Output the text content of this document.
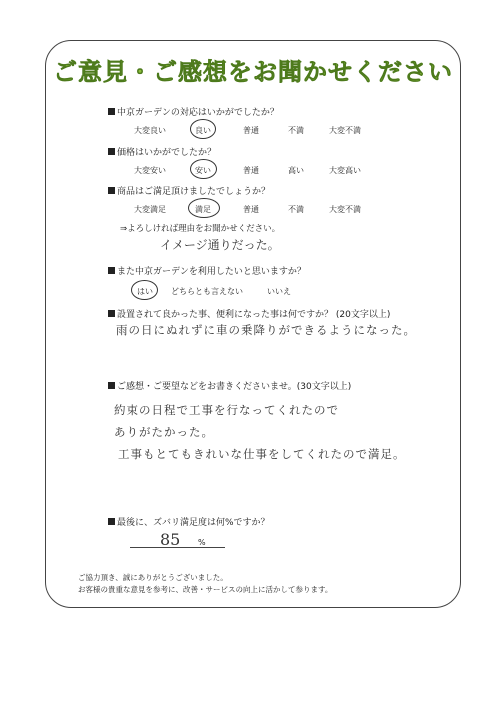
ご意見・ご感想をお聞かせください
中京ガーデンの対応はいかがでしたか？
大変良い	良い	普通	不満	大変不満
価格はいかがでしたか？
大変安い	安い	普通	高い	大変高い
商品はご満足頂けましたでしょうか？
大変満足	満足	普通	不満	大変不満
⇒よろしければ理由をお聞かせください。
イメージ通りだった。
また中京ガーデンを利用したいと思いますか？
はい どちらとも言えない	いいえ
設置されて良かった事、便利になった事は何ですか？ (20文字以上)
雨の日にぬれずに車の乗降りができるようになった。
ご感想・ご要望などをお書きくださいませ。(30文字以上)
約束の日程で工事を行なってくれたので
ありがたかった。
工事もとてもきれいな仕事をしてくれたので満足。
最後に、ズバリ満足度は何%ですか？
85 %
ご協力頂き、誠にありがとうございました。
お客様の貴重な意見を参考に、改善・サービスの向上に活かして参ります。
